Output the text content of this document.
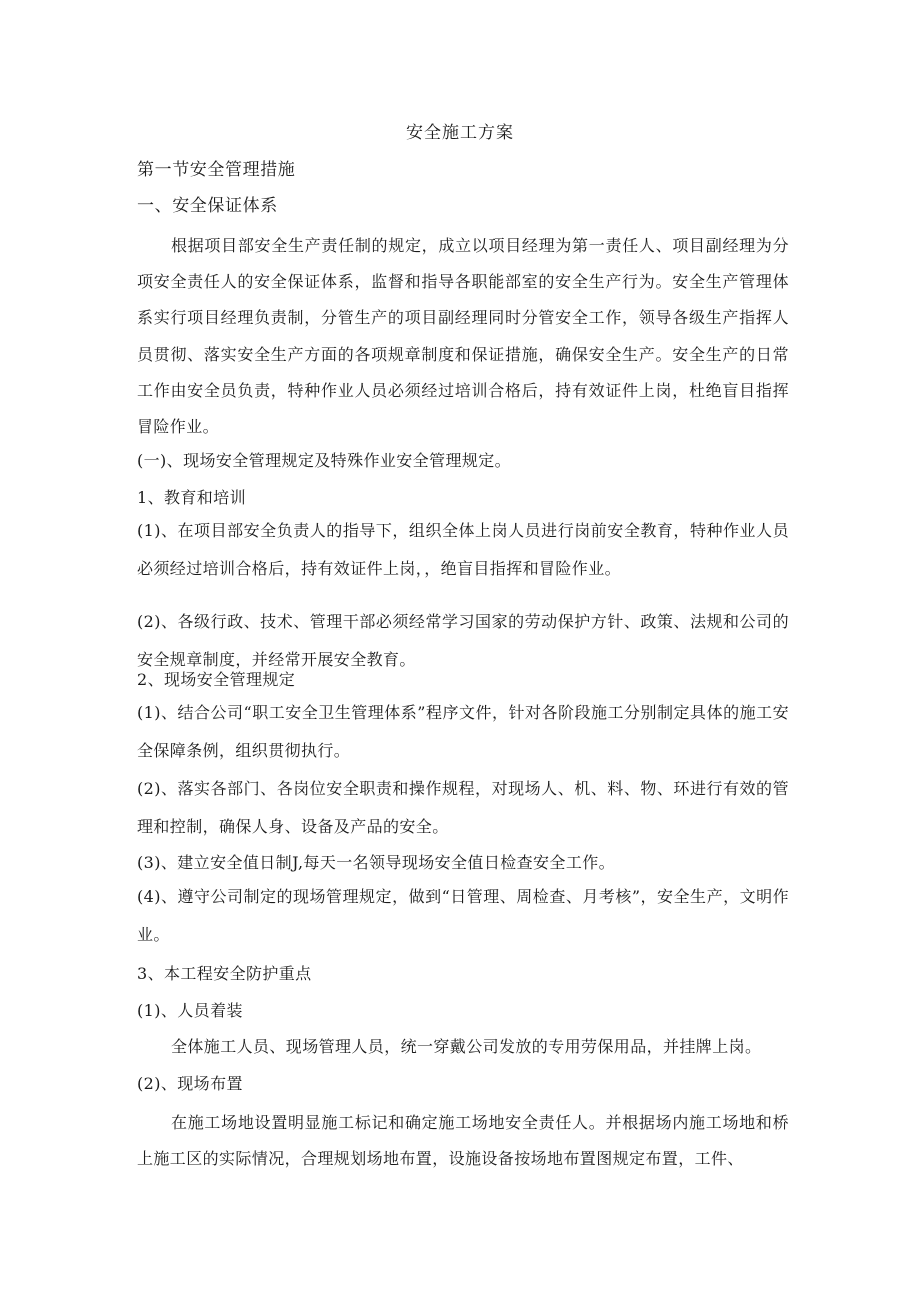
安全施工方案
第一节安全管理措施
一、安全保证体系
根据项目部安全生产责任制的规定，成立以项目经理为第一责任人、项目副经理为分项安全责任人的安全保证体系，监督和指导各职能部室的安全生产行为。安全生产管理体系实行项目经理负责制，分管生产的项目副经理同时分管安全工作，领导各级生产指挥人员贯彻、落实安全生产方面的各项规章制度和保证措施，确保安全生产。安全生产的日常工作由安全员负责，特种作业人员必须经过培训合格后，持有效证件上岗，杜绝盲目指挥冒险作业。
(一)、现场安全管理规定及特殊作业安全管理规定。
1、教育和培训
(1)、在项目部安全负责人的指导下，组织全体上岗人员进行岗前安全教育，特种作业人员必须经过培训合格后，持有效证件上岗，，绝盲目指挥和冒险作业。
(2)、各级行政、技术、管理干部必须经常学习国家的劳动保护方针、政策、法规和公司的安全规章制度，并经常开展安全教育。
2、现场安全管理规定
(1)、结合公司“职工安全卫生管理体系”程序文件，针对各阶段施工分别制定具体的施工安全保障条例，组织贯彻执行。
(2)、落实各部门、各岗位安全职责和操作规程，对现场人、机、料、物、环进行有效的管理和控制，确保人身、设备及产品的安全。
(3)、建立安全值日制J,每天一名领导现场安全值日检查安全工作。
(4)、遵守公司制定的现场管理规定，做到“日管理、周检查、月考核”，安全生产，文明作业。
3、本工程安全防护重点
(1)、人员着装
全体施工人员、现场管理人员，统一穿戴公司发放的专用劳保用品，并挂牌上岗。
(2)、现场布置
在施工场地设置明显施工标记和确定施工场地安全责任人。并根据场内施工场地和桥上施工区的实际情况，合理规划场地布置，设施设备按场地布置图规定布置，工件、
